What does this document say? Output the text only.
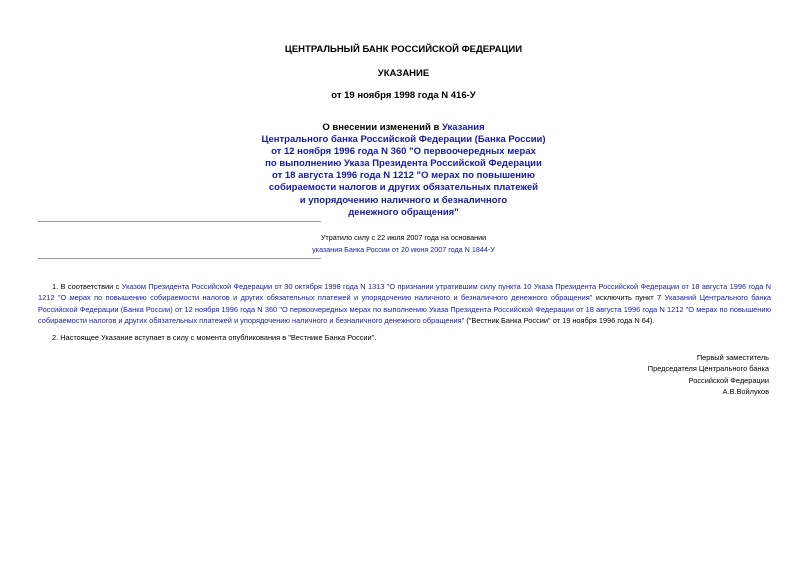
ЦЕНТРАЛЬНЫЙ БАНК РОССИЙСКОЙ ФЕДЕРАЦИИ
УКАЗАНИЕ
от 19 ноября 1998 года N 416-У
О внесении изменений в Указания
Центрального банка Российской Федерации (Банка России)
от 12 ноября 1996 года N 360 "О первоочередных мерах
по выполнению Указа Президента Российской Федерации
от 18 августа 1996 года N 1212 "О мерах по повышению
собираемости налогов и других обязательных платежей
и упорядочению наличного и безналичного
денежного обращения"
Утратило силу с 22 июля 2007 года на основании
указания Банка России от 20 июня 2007 года N 1844-У
1. В соответствии с Указом Президента Российской Федерации от 30 октября 1998 года N 1313 "О признании утратившим силу пункта 10 Указа Президента Российской Федерации от 18 августа 1996 года N 1212 "О мерах по повышению собираемости налогов и других обязательных платежей и упорядочению наличного и безналичного денежного обращения" исключить пункт 7 Указаний Центрального банка Российской Федерации (Банка России) от 12 ноября 1996 года N 360 "О первоочередных мерах по выполнению Указа Президента Российской Федерации от 18 августа 1996 года N 1212 "О мерах по повышению собираемости налогов и других обязательных платежей и упорядочению наличного и безналичного денежного обращения" ("Вестник Банка России" от 19 ноября 1996 года N 64).
2. Настоящее Указание вступает в силу с момента опубликования в "Вестнике Банка России".
Первый заместитель
Председателя Центрального банка
Российской Федерации
А.В.Войлуков
